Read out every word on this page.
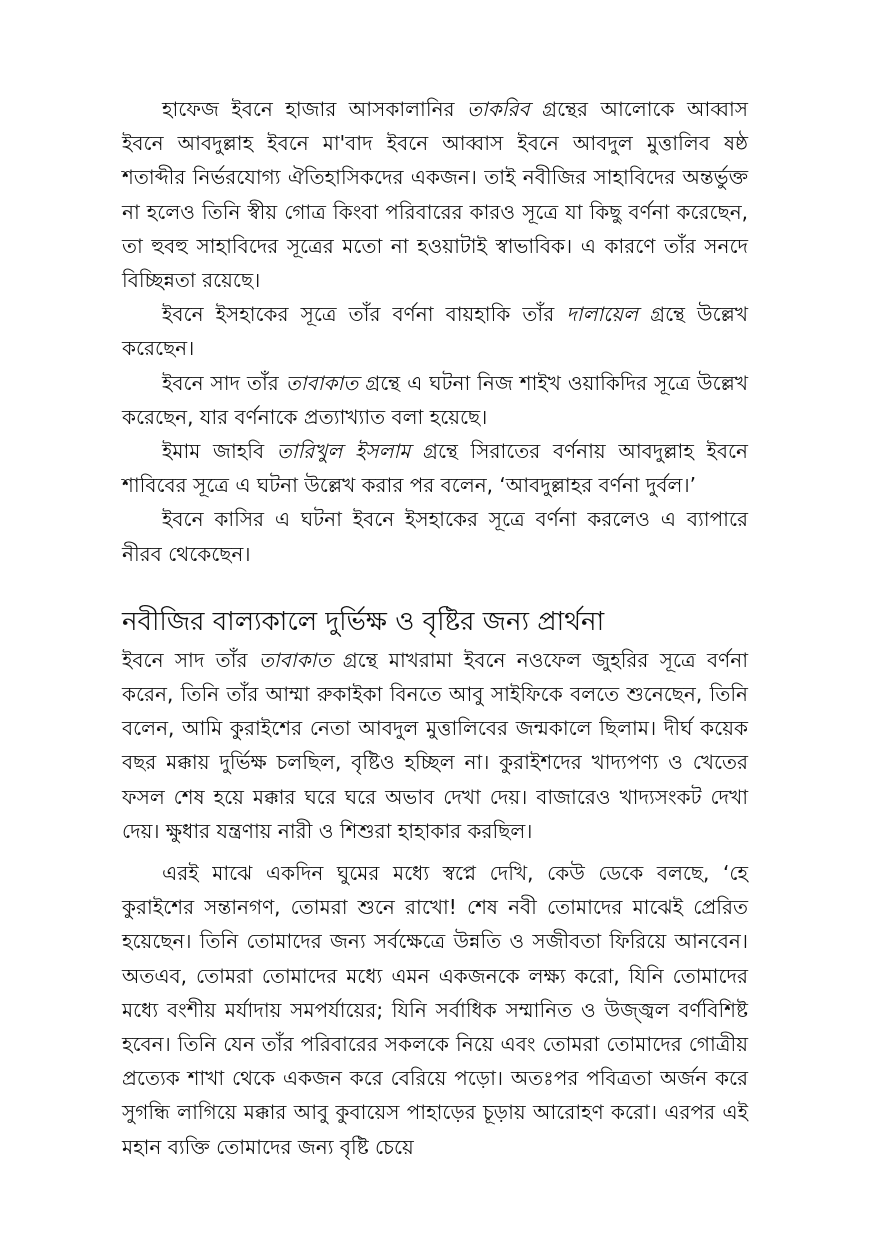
হাফেজ ইবনে হাজার আসকালানির তাকরিব গ্রন্থের আলোকে আব্বাস ইবনে আবদুল্লাহ ইবনে মা'বাদ ইবনে আব্বাস ইবনে আবদুল মুত্তালিব ষষ্ঠ শতাব্দীর নির্ভরযোগ্য ঐতিহাসিকদের একজন। তাই নবীজির সাহাবিদের অন্তর্ভুক্ত না হলেও তিনি স্বীয় গোত্র কিংবা পরিবারের কারও সূত্রে যা কিছু বর্ণনা করেছেন, তা হুবহু সাহাবিদের সূত্রের মতো না হওয়াটাই স্বাভাবিক। এ কারণে তাঁর সনদে বিচ্ছিন্নতা রয়েছে।

ইবনে ইসহাকের সূত্রে তাঁর বর্ণনা বায়হাকি তাঁর দালায়েল গ্রন্থে উল্লেখ করেছেন।

ইবনে সাদ তাঁর তাবাকাত গ্রন্থে এ ঘটনা নিজ শাইখ ওয়াকিদির সূত্রে উল্লেখ করেছেন, যার বর্ণনাকে প্রত্যাখ্যাত বলা হয়েছে।

ইমাম জাহবি তারিখুল ইসলাম গ্রন্থে সিরাতের বর্ণনায় আবদুল্লাহ ইবনে শাবিবের সূত্রে এ ঘটনা উল্লেখ করার পর বলেন, ‘আবদুল্লাহর বর্ণনা দুর্বল।’

ইবনে কাসির এ ঘটনা ইবনে ইসহাকের সূত্রে বর্ণনা করলেও এ ব্যাপারে নীরব থেকেছেন।

নবীজির বাল্যকালে দুর্ভিক্ষ ও বৃষ্টির জন্য প্রার্থনা

ইবনে সাদ তাঁর তাবাকাত গ্রন্থে মাখরামা ইবনে নওফেল জুহরির সূত্রে বর্ণনা করেন, তিনি তাঁর আম্মা রুকাইকা বিনতে আবু সাইফিকে বলতে শুনেছেন, তিনি বলেন, আমি কুরাইশের নেতা আবদুল মুত্তালিবের জন্মকালে ছিলাম। দীর্ঘ কয়েক বছর মক্কায় দুর্ভিক্ষ চলছিল, বৃষ্টিও হচ্ছিল না। কুরাইশদের খাদ্যপণ্য ও খেতের ফসল শেষ হয়ে মক্কার ঘরে ঘরে অভাব দেখা দেয়। বাজারেও খাদ্যসংকট দেখা দেয়। ক্ষুধার যন্ত্রণায় নারী ও শিশুরা হাহাকার করছিল।

এরই মাঝে একদিন ঘুমের মধ্যে স্বপ্নে দেখি, কেউ ডেকে বলছে, ‘হে কুরাইশের সন্তানগণ, তোমরা শুনে রাখো! শেষ নবী তোমাদের মাঝেই প্রেরিত হয়েছেন। তিনি তোমাদের জন্য সর্বক্ষেত্রে উন্নতি ও সজীবতা ফিরিয়ে আনবেন। অতএব, তোমরা তোমাদের মধ্যে এমন একজনকে লক্ষ্য করো, যিনি তোমাদের মধ্যে বংশীয় মর্যাদায় সমপর্যায়ের; যিনি সর্বাধিক সম্মানিত ও উজ্জ্বল বর্ণবিশিষ্ট হবেন। তিনি যেন তাঁর পরিবারের সকলকে নিয়ে এবং তোমরা তোমাদের গোত্রীয় প্রত্যেক শাখা থেকে একজন করে বেরিয়ে পড়ো। অতঃপর পবিত্রতা অর্জন করে সুগন্ধি লাগিয়ে মক্কার আবু কুবায়েস পাহাড়ের চূড়ায় আরোহণ করো। এরপর এই মহান ব্যক্তি তোমাদের জন্য বৃষ্টি চেয়ে
